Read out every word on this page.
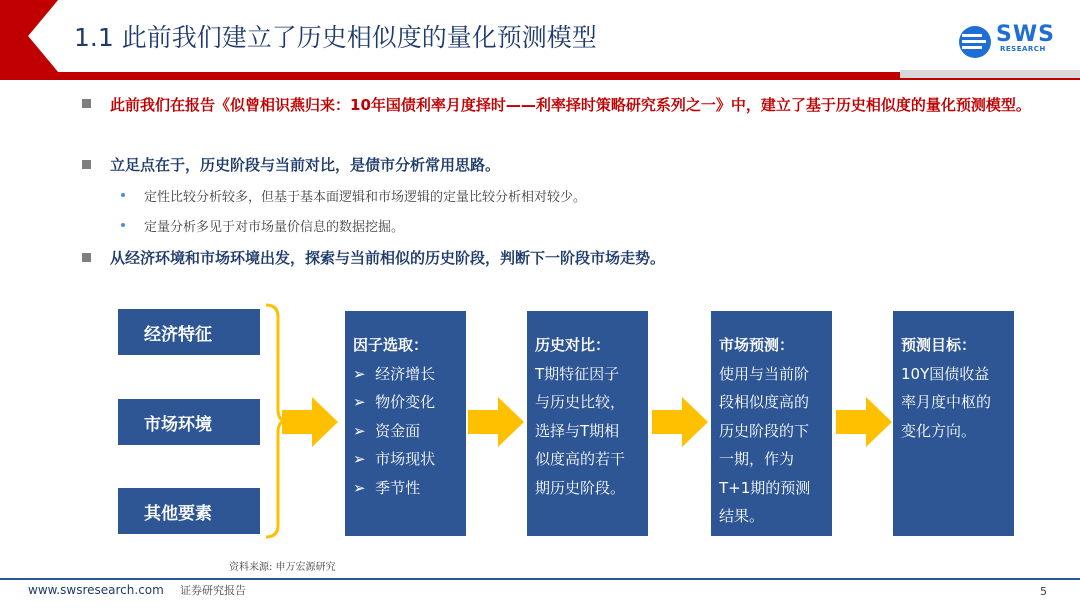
1.1 此前我们建立了历史相似度的量化预测模型	SWS
RESEARCH
此前我们在报告《似曾相识燕归来：10年国债利率月度择时——利率择时策略研究系列之一》中，建立了基于历史相似度的量化预测模型。
立足点在于，历史阶段与当前对比，是债市分析常用思路。
定性比较分析较多，但基于基本面逻辑和市场逻辑的定量比较分析相对较少。
定量分析多见于对市场量价信息的数据挖掘。
从经济环境和市场环境出发，探索与当前相似的历史阶段，判断下一阶段市场走势。
经济特征
市场环境
其他要素
因子选取：
➢ 经济增长
➢ 物价变化
➢ 资金面
➢ 市场现状
➢ 季节性
历史对比：
T期特征因子
与历史比较，
选择与T期相
似度高的若干
期历史阶段。
市场预测：
使用与当前阶
段相似度高的
历史阶段的下
一期，作为
T+1期的预测
结果。
预测目标：
10Y国债收益
率月度中枢的
变化方向。
资料来源: 申万宏源研究
www.swsresearch.com 证券研究报告	5
